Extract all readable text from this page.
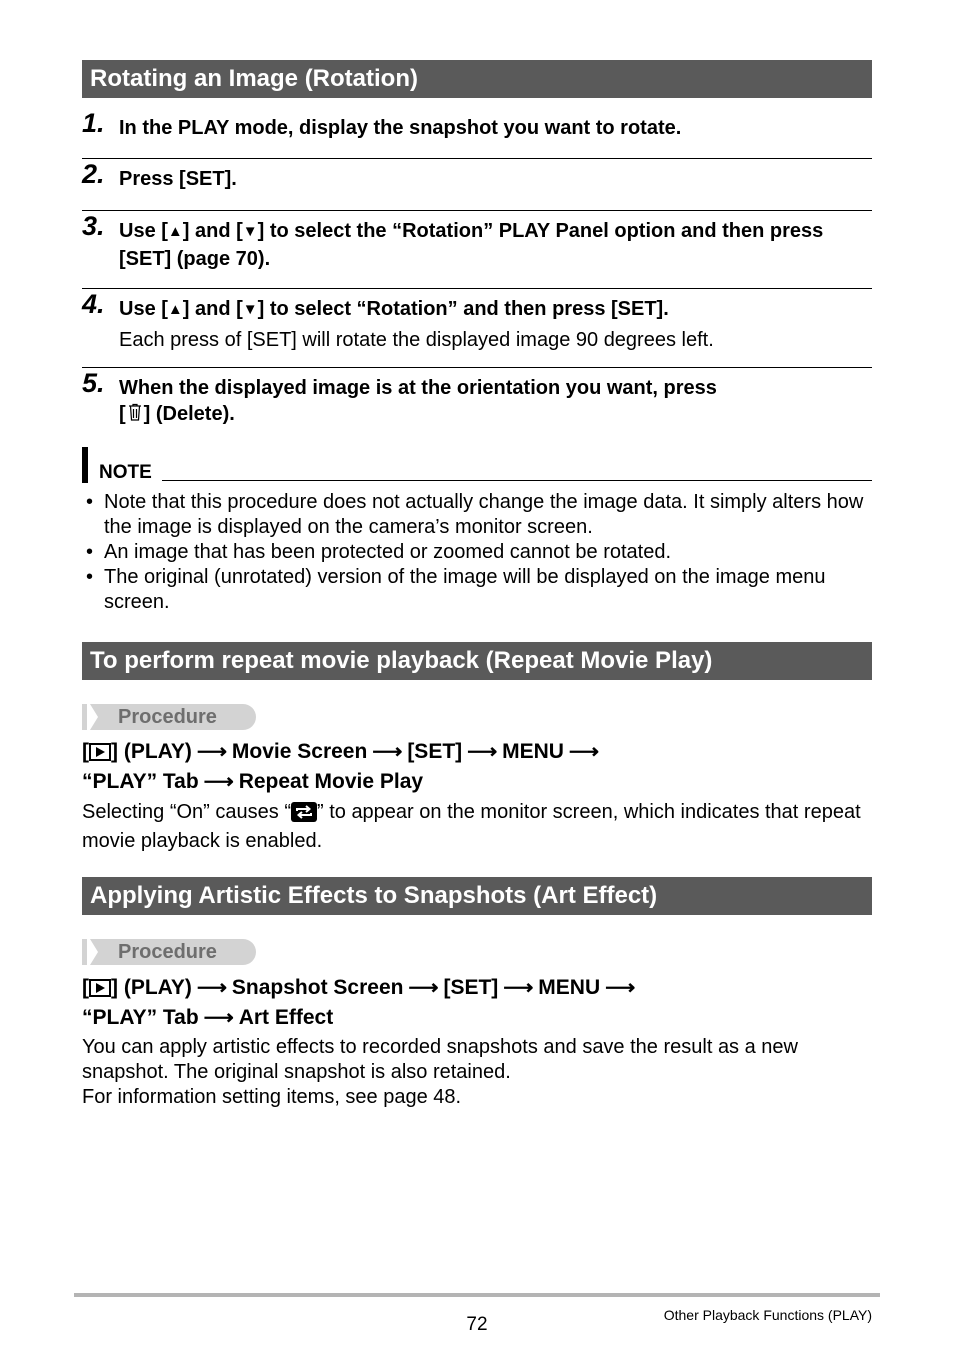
Rotating an Image (Rotation)
1. In the PLAY mode, display the snapshot you want to rotate.
2. Press [SET].
3. Use [▲] and [▼] to select the “Rotation” PLAY Panel option and then press [SET] (page 70).
4. Use [▲] and [▼] to select “Rotation” and then press [SET].
Each press of [SET] will rotate the displayed image 90 degrees left.
5. When the displayed image is at the orientation you want, press
[ ] (Delete).
NOTE
• Note that this procedure does not actually change the image data. It simply alters how the image is displayed on the camera’s monitor screen.
• An image that has been protected or zoomed cannot be rotated.
• The original (unrotated) version of the image will be displayed on the image menu screen.
To perform repeat movie playback (Repeat Movie Play)
Procedure
[ ] (PLAY) ⟶ Movie Screen ⟶ [SET] ⟶ MENU ⟶
“PLAY” Tab ⟶ Repeat Movie Play
Selecting “On” causes “ ” to appear on the monitor screen, which indicates that repeat movie playback is enabled.
Applying Artistic Effects to Snapshots (Art Effect)
Procedure
[ ] (PLAY) ⟶ Snapshot Screen ⟶ [SET] ⟶ MENU ⟶
“PLAY” Tab ⟶ Art Effect
You can apply artistic effects to recorded snapshots and save the result as a new snapshot. The original snapshot is also retained.
For information setting items, see page 48.
72	Other Playback Functions (PLAY)
